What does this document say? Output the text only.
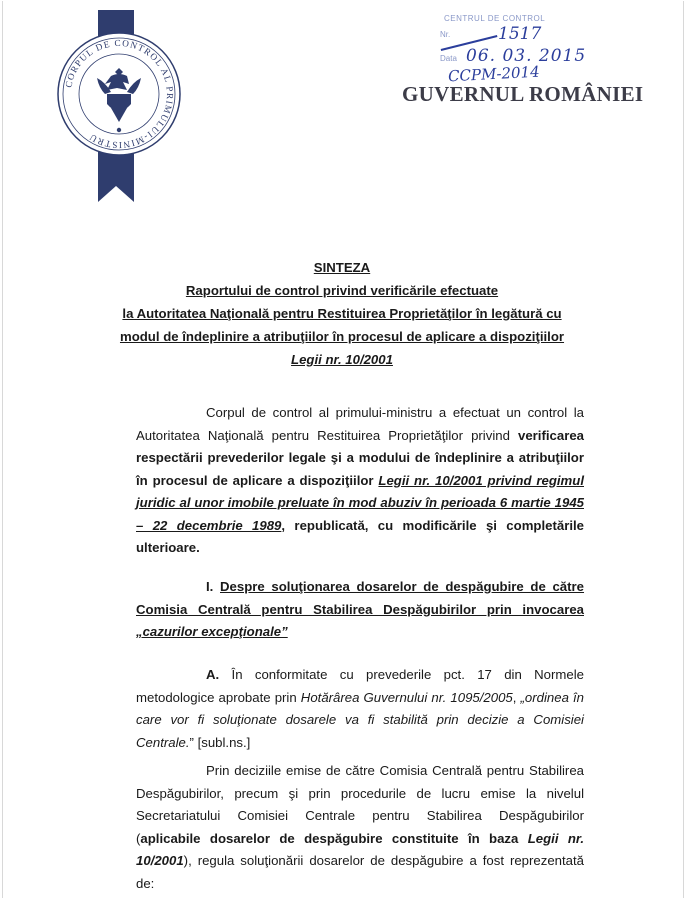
CORPUL DE CONTROL AL PRIMULUI-MINISTRU
CENTRUL DE CONTROL
Nr.
Data
1517
06. 03. 2015
CCPM-2014
GUVERNUL ROMÂNIEI
SINTEZA
Raportului de control privind verificările efectuate
la Autoritatea Naţională pentru Restituirea Proprietăţilor în legătură cu
modul de îndeplinire a atribuţiilor în procesul de aplicare a dispoziţiilor
Legii nr. 10/2001
Corpul de control al primului-ministru a efectuat un control la Autoritatea Naţională pentru Restituirea Proprietăţilor privind verificarea respectării prevederilor legale şi a modului de îndeplinire a atribuţiilor în procesul de aplicare a dispoziţiilor Legii nr. 10/2001 privind regimul juridic al unor imobile preluate în mod abuziv în perioada 6 martie 1945 – 22 decembrie 1989, republicată, cu modificările şi completările ulterioare.
I. Despre soluţionarea dosarelor de despăgubire de către Comisia Centrală pentru Stabilirea Despăgubirilor prin invocarea „cazurilor excepţionale”
A. În conformitate cu prevederile pct. 17 din Normele metodologice aprobate prin Hotărârea Guvernului nr. 1095/2005, „ordinea în care vor fi soluţionate dosarele va fi stabilită prin decizie a Comisiei Centrale.” [subl.ns.]
Prin deciziile emise de către Comisia Centrală pentru Stabilirea Despăgubirilor, precum şi prin procedurile de lucru emise la nivelul Secretariatului Comisiei Centrale pentru Stabilirea Despăgubirilor (aplicabile dosarelor de despăgubire constituite în baza Legii nr. 10/2001), regula soluţionării dosarelor de despăgubire a fost reprezentată de:
